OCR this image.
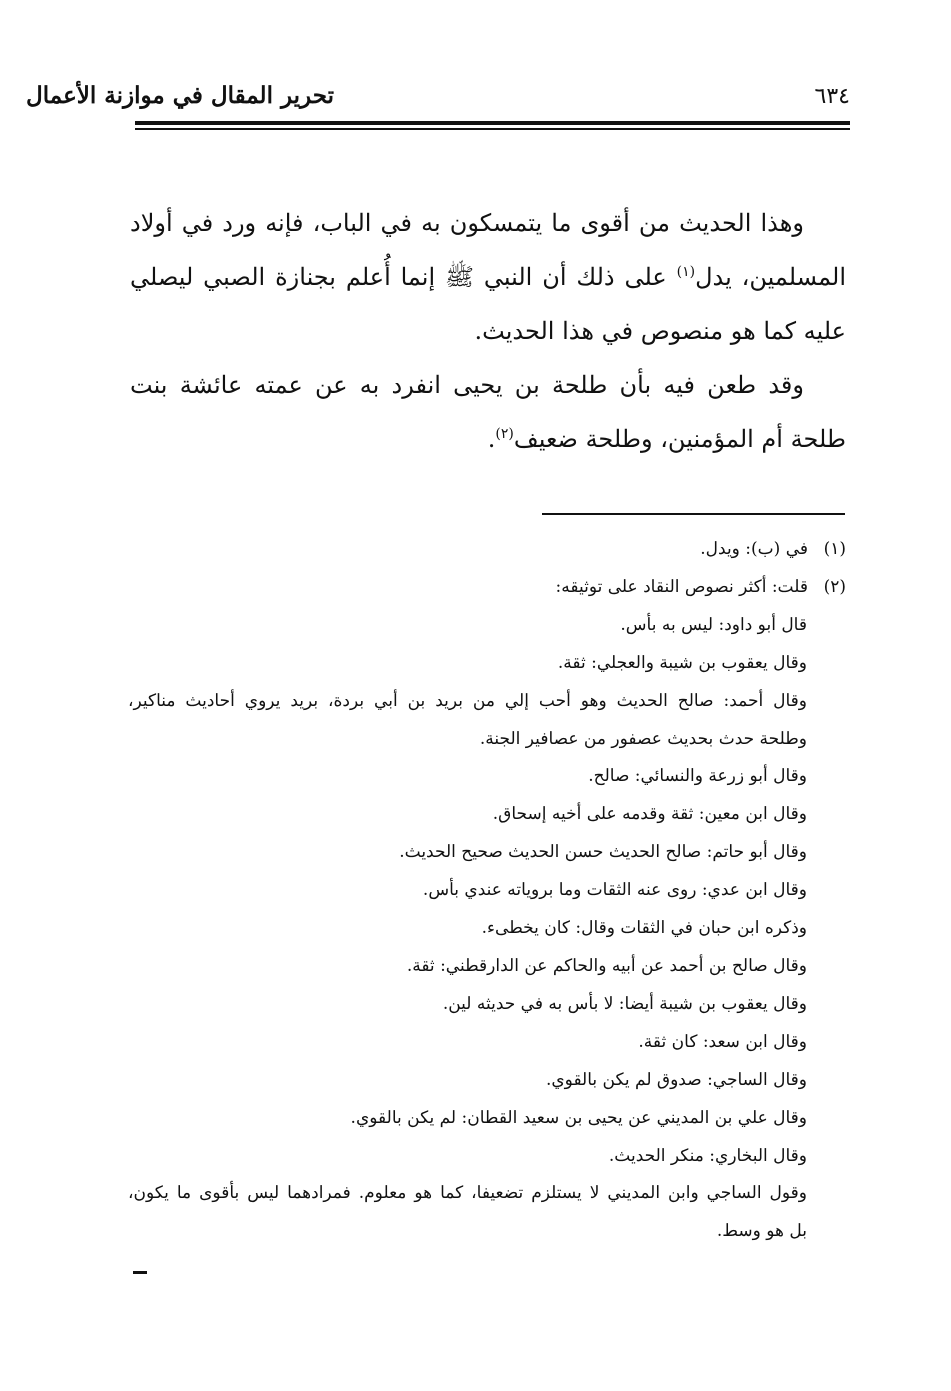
٦٣٤
تحرير المقال في موازنة الأعمال

وهذا الحديث من أقوى ما يتمسكون به في الباب، فإنه ورد في أولاد المسلمين، يدل$^{(١)}$ على ذلك أن النبي ﷺ إنما أُعلم بجنازة الصبي ليصلي عليه كما هو منصوص في هذا الحديث.

وقد طعن فيه بأن طلحة بن يحيى انفرد به عن عمته عائشة بنت طلحة أم المؤمنين، وطلحة ضعيف$^{(٢)}$.

(١)في (ب): ويدل.
(٢)قلت: أكثر نصوص النقاد على توثيقه:
قال أبو داود: ليس به بأس.
وقال يعقوب بن شيبة والعجلي: ثقة.
وقال أحمد: صالح الحديث وهو أحب إلي من بريد بن أبي بردة، بريد يروي أحاديث مناكير،
وطلحة حدث بحديث عصفور من عصافير الجنة.
وقال أبو زرعة والنسائي: صالح.
وقال ابن معين: ثقة وقدمه على أخيه إسحاق.
وقال أبو حاتم: صالح الحديث حسن الحديث صحيح الحديث.
وقال ابن عدي: روى عنه الثقات وما بروياته عندي بأس.
وذكره ابن حبان في الثقات وقال: كان يخطىء.
وقال صالح بن أحمد عن أبيه والحاكم عن الدارقطني: ثقة.
وقال يعقوب بن شيبة أيضا: لا بأس به في حديثه لين.
وقال ابن سعد: كان ثقة.
وقال الساجي: صدوق لم يكن بالقوي.
وقال علي بن المديني عن يحيى بن سعيد القطان: لم يكن بالقوي.
وقال البخاري: منكر الحديث.
وقول الساجي وابن المديني لا يستلزم تضعيفا، كما هو معلوم. فمرادهما ليس بأقوى ما يكون،
بل هو وسط.
